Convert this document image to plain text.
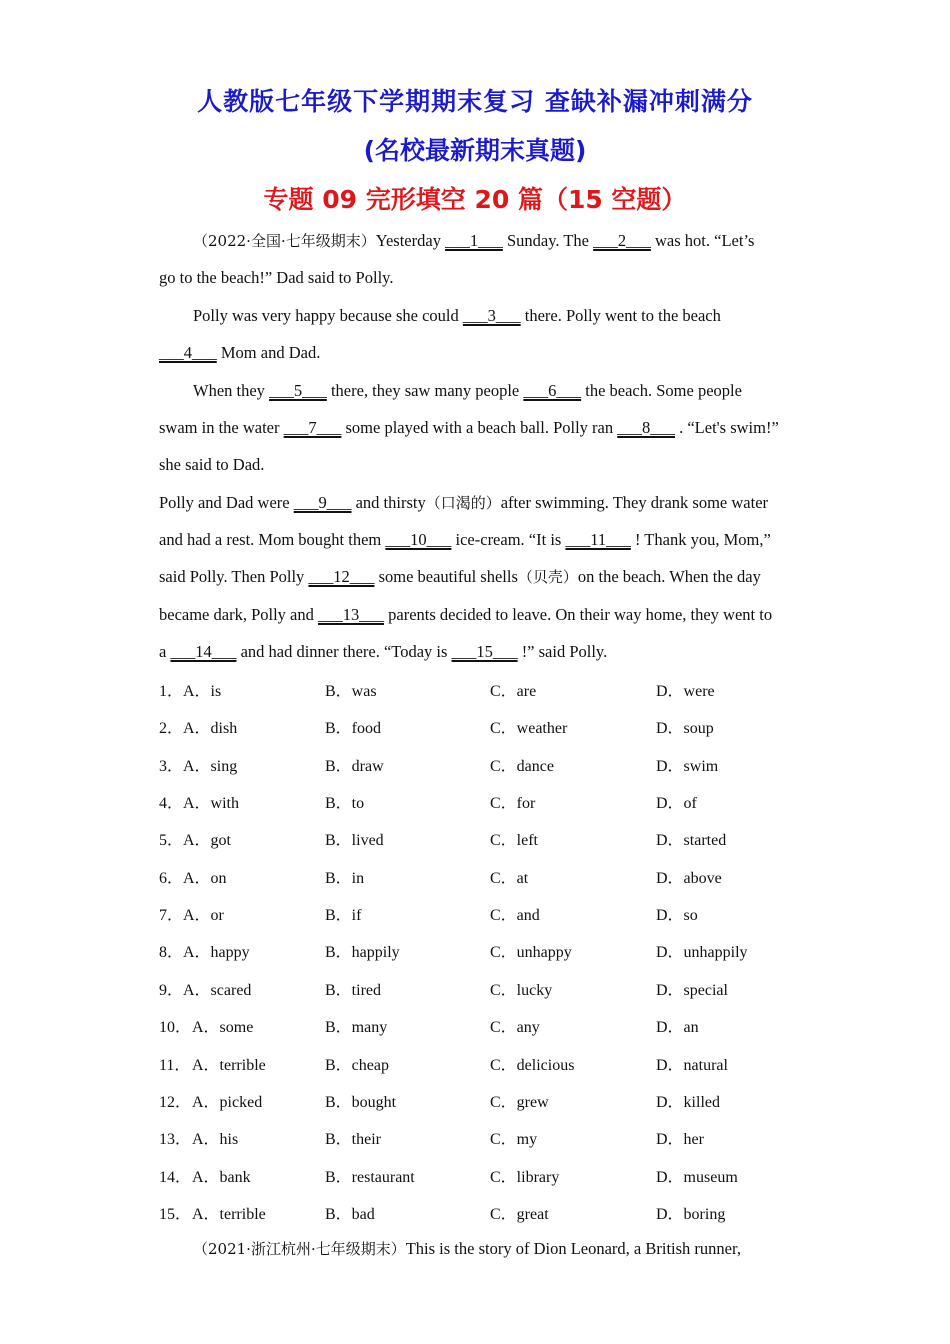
人教版七年级下学期期末复习 查缺补漏冲刺满分
(名校最新期末真题)
专题 09 完形填空 20 篇（15 空题）
（2022·全国·七年级期末）Yesterday ___1___ Sunday. The ___2___ was hot. “Let’s
go to the beach!” Dad said to Polly.
Polly was very happy because she could ___3___ there. Polly went to the beach
___4___ Mom and Dad.
When they ___5___ there, they saw many people ___6___ the beach. Some people
swam in the water ___7___ some played with a beach ball. Polly ran ___8___ . “Let's swim!”
she said to Dad.
Polly and Dad were ___9___ and thirsty（口渴的）after swimming. They drank some water
and had a rest. Mom bought them ___10___ ice-cream. “It is ___11___ ! Thank you, Mom,”
said Polly. Then Polly ___12___ some beautiful shells（贝壳）on the beach. When the day
became dark, Polly and ___13___ parents decided to leave. On their way home, they went to
a ___14___ and had dinner there. “Today is ___15___ !” said Polly.
1． A．is	B．was	C．are	D．were
2． A．dish	B．food	C．weather	D．soup
3． A．sing	B．draw	C．dance	D．swim
4． A．with	B．to	C．for	D．of
5． A．got	B．lived	C．left	D．started
6． A．on	B．in	C．at	D．above
7． A．or	B．if	C．and	D．so
8． A．happy	B．happily	C．unhappy	D．unhappily
9． A．scared	B．tired	C．lucky	D．special
10． A．some	B．many	C．any	D．an
11． A．terrible	B．cheap	C．delicious	D．natural
12． A．picked	B．bought	C．grew	D．killed
13． A．his	B．their	C．my	D．her
14． A．bank	B．restaurant	C．library	D．museum
15． A．terrible	B．bad	C．great	D．boring
（2021·浙江杭州·七年级期末）This is the story of Dion Leonard, a British runner,
